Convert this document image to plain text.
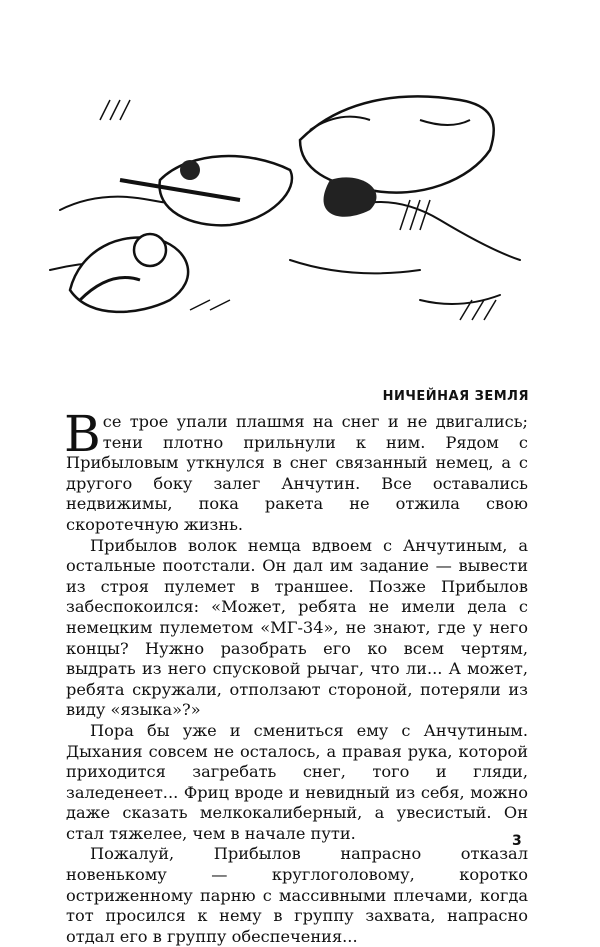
НИЧЕЙНАЯ ЗЕМЛЯ

Все трое упали плашмя на снег и не двигались; тени плотно прильнули к ним. Рядом с Прибыловым уткнулся в снег связанный немец, а с другого боку залег Анчутин. Все оставались недвижимы, пока ракета не отжила свою скоротечную жизнь.

Прибылов волок немца вдвоем с Анчутиным, а остальные поотстали. Он дал им задание — вывести из строя пулемет в траншее. Позже Прибылов забеспокоился: «Может, ребята не имели дела с немецким пулеметом «МГ-34», не знают, где у него концы? Нужно разобрать его ко всем чертям, выдрать из него спусковой рычаг, что ли... А может, ребята скружали, отползают стороной, потеряли из виду «языка»?»

Пора бы уже и смениться ему с Анчутиным. Дыхания совсем не осталось, а правая рука, которой приходится загребать снег, того и гляди, заледенеет... Фриц вроде и невидный из себя, можно даже сказать мелкокалиберный, а увесистый. Он стал тяжелее, чем в начале пути.

Пожалуй, Прибылов напрасно отказал новенькому — круглоголовому, коротко остриженному парню с массивными плечами, когда тот просился к нему в группу захвата, напрасно отдал его в группу обеспечения...

3
